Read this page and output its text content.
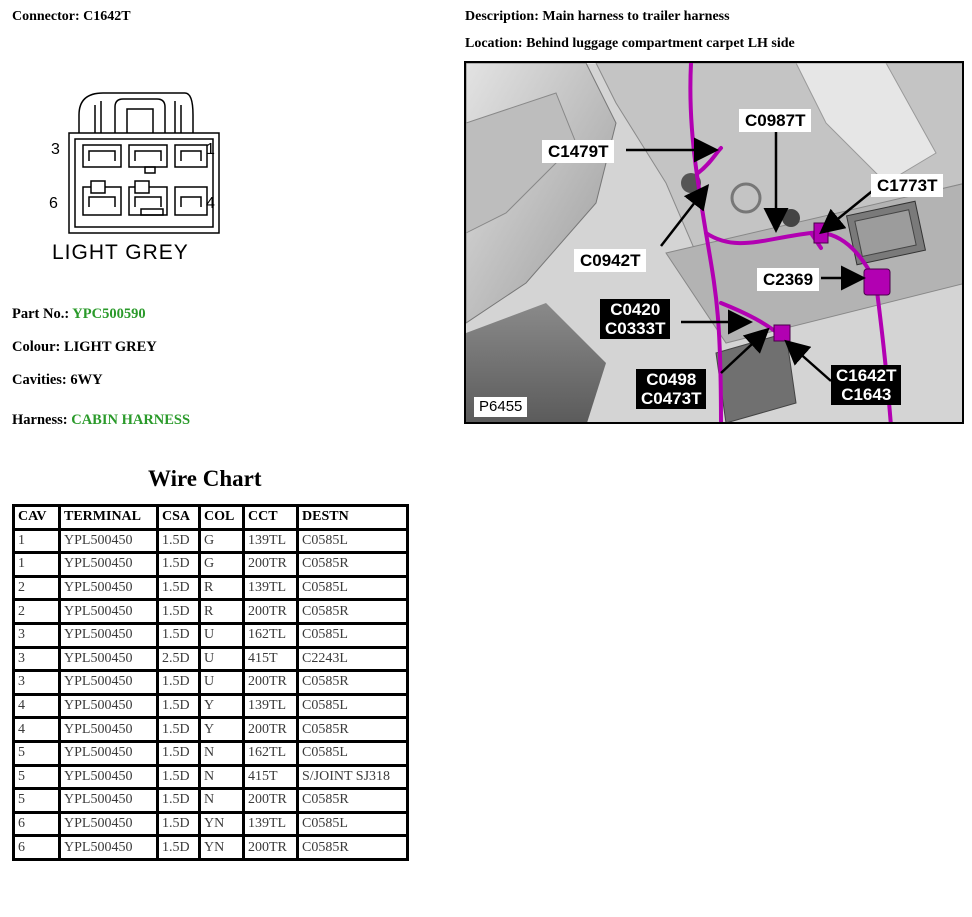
Connector: C1642T	Description: Main harness to trailer harness
Location: Behind luggage compartment carpet LH side
3	1
6	4
LIGHT GREY
Part No.: YPC500590
Colour: LIGHT GREY
Cavities: 6WY
Harness: CABIN HARNESS
Wire Chart
CAV	TERMINAL	CSA	COL	CCT	DESTN
1	YPL500450	1.5D	G	139TL	C0585L
1	YPL500450	1.5D	G	200TR	C0585R
2	YPL500450	1.5D	R	139TL	C0585L
2	YPL500450	1.5D	R	200TR	C0585R
3	YPL500450	1.5D	U	162TL	C0585L
3	YPL500450	2.5D	U	415T	C2243L
3	YPL500450	1.5D	U	200TR	C0585R
4	YPL500450	1.5D	Y	139TL	C0585L
4	YPL500450	1.5D	Y	200TR	C0585R
5	YPL500450	1.5D	N	162TL	C0585L
5	YPL500450	1.5D	N	415T	S/JOINT SJ318
5	YPL500450	1.5D	N	200TR	C0585R
6	YPL500450	1.5D	YN	139TL	C0585L
6	YPL500450	1.5D	YN	200TR	C0585R
C0987T
C1479T
C1773T
C0942T
C2369
C0420
C0333T
C0498
C0473T
C1642T
C1643
P6455
